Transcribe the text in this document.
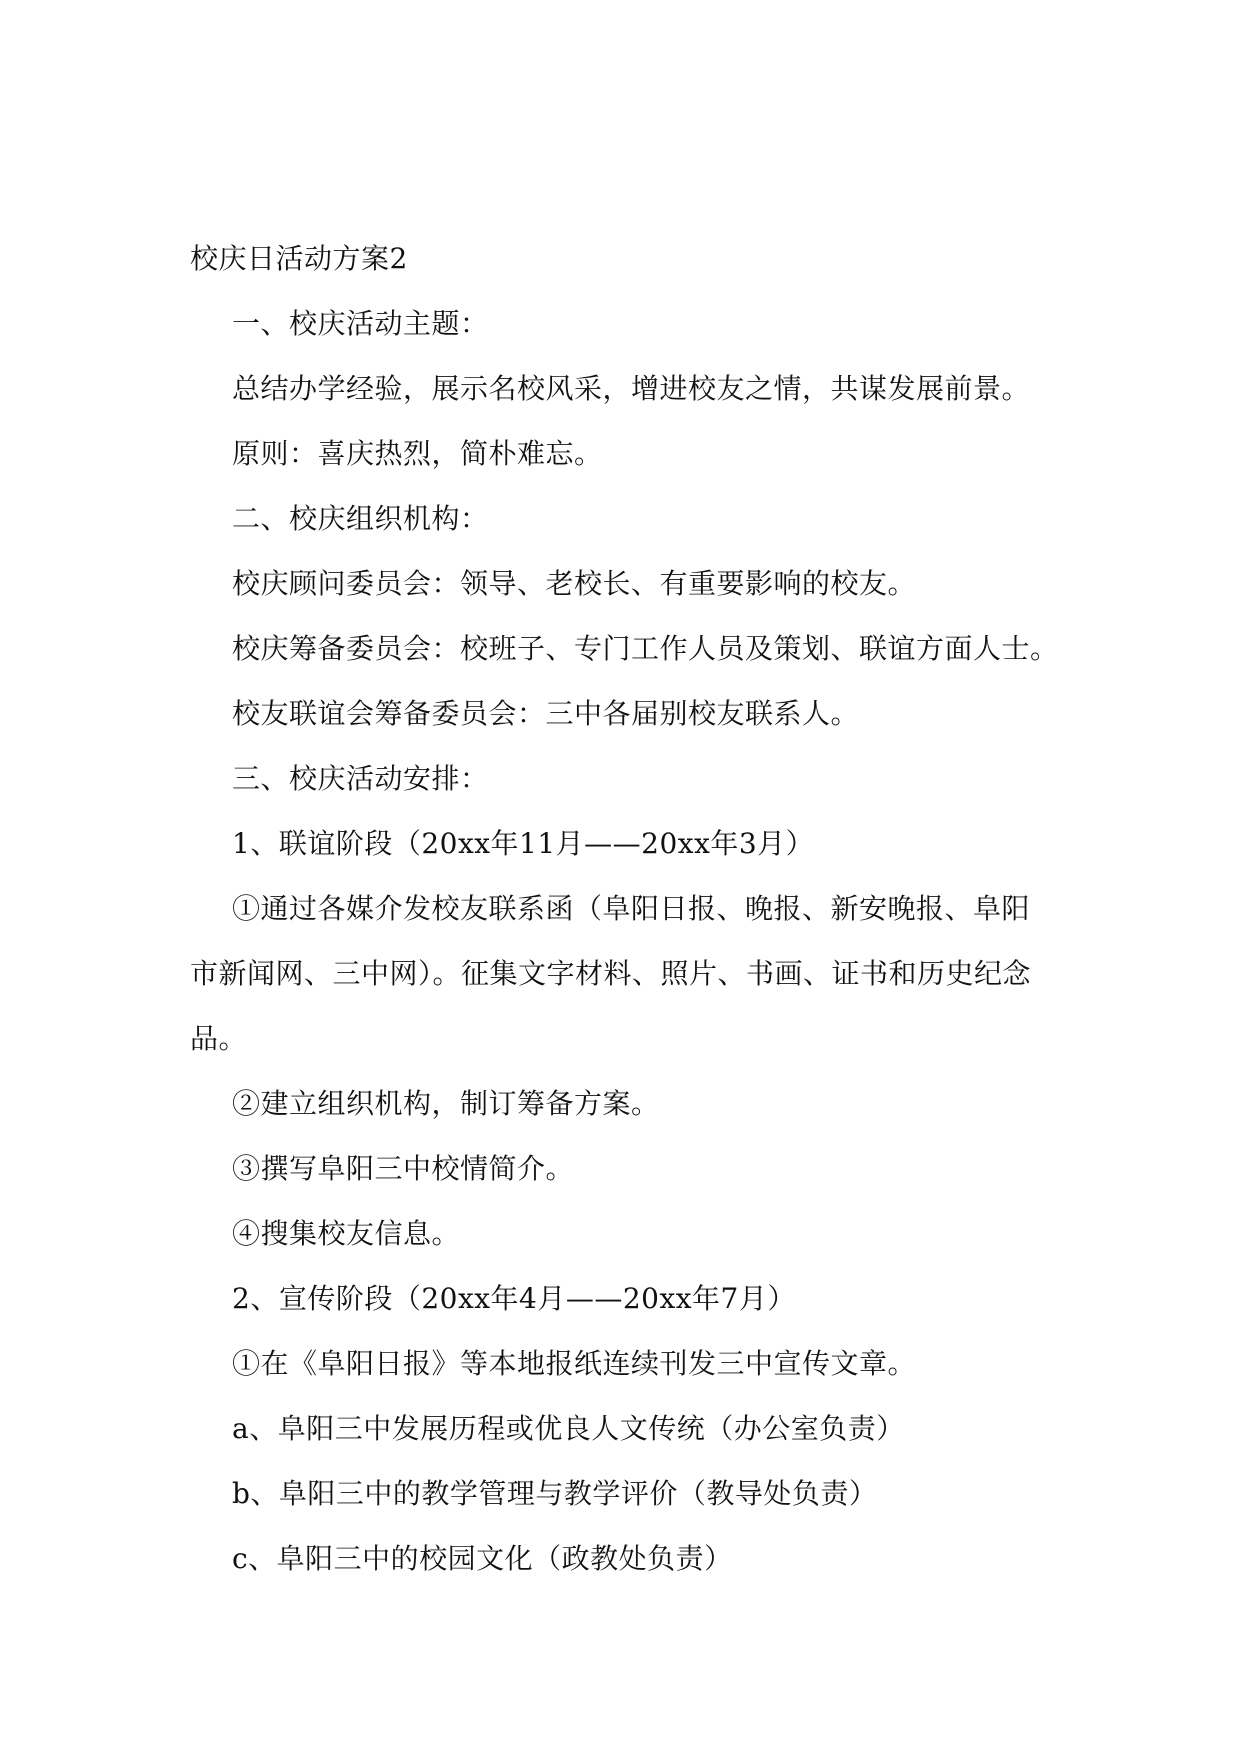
校庆日活动方案2
一、校庆活动主题：
总结办学经验，展示名校风采，增进校友之情，共谋发展前景。
原则：喜庆热烈，简朴难忘。
二、校庆组织机构：
校庆顾问委员会：领导、老校长、有重要影响的校友。
校庆筹备委员会：校班子、专门工作人员及策划、联谊方面人士。
校友联谊会筹备委员会：三中各届别校友联系人。
三、校庆活动安排：
1、联谊阶段（20xx年11月——20xx年3月）
①通过各媒介发校友联系函（阜阳日报、晚报、新安晚报、阜阳
市新闻网、三中网）。征集文字材料、照片、书画、证书和历史纪念
品。
②建立组织机构，制订筹备方案。
③撰写阜阳三中校情简介。
④搜集校友信息。
2、宣传阶段（20xx年4月——20xx年7月）
①在《阜阳日报》等本地报纸连续刊发三中宣传文章。
a、阜阳三中发展历程或优良人文传统（办公室负责）
b、阜阳三中的教学管理与教学评价（教导处负责）
c、阜阳三中的校园文化（政教处负责）
